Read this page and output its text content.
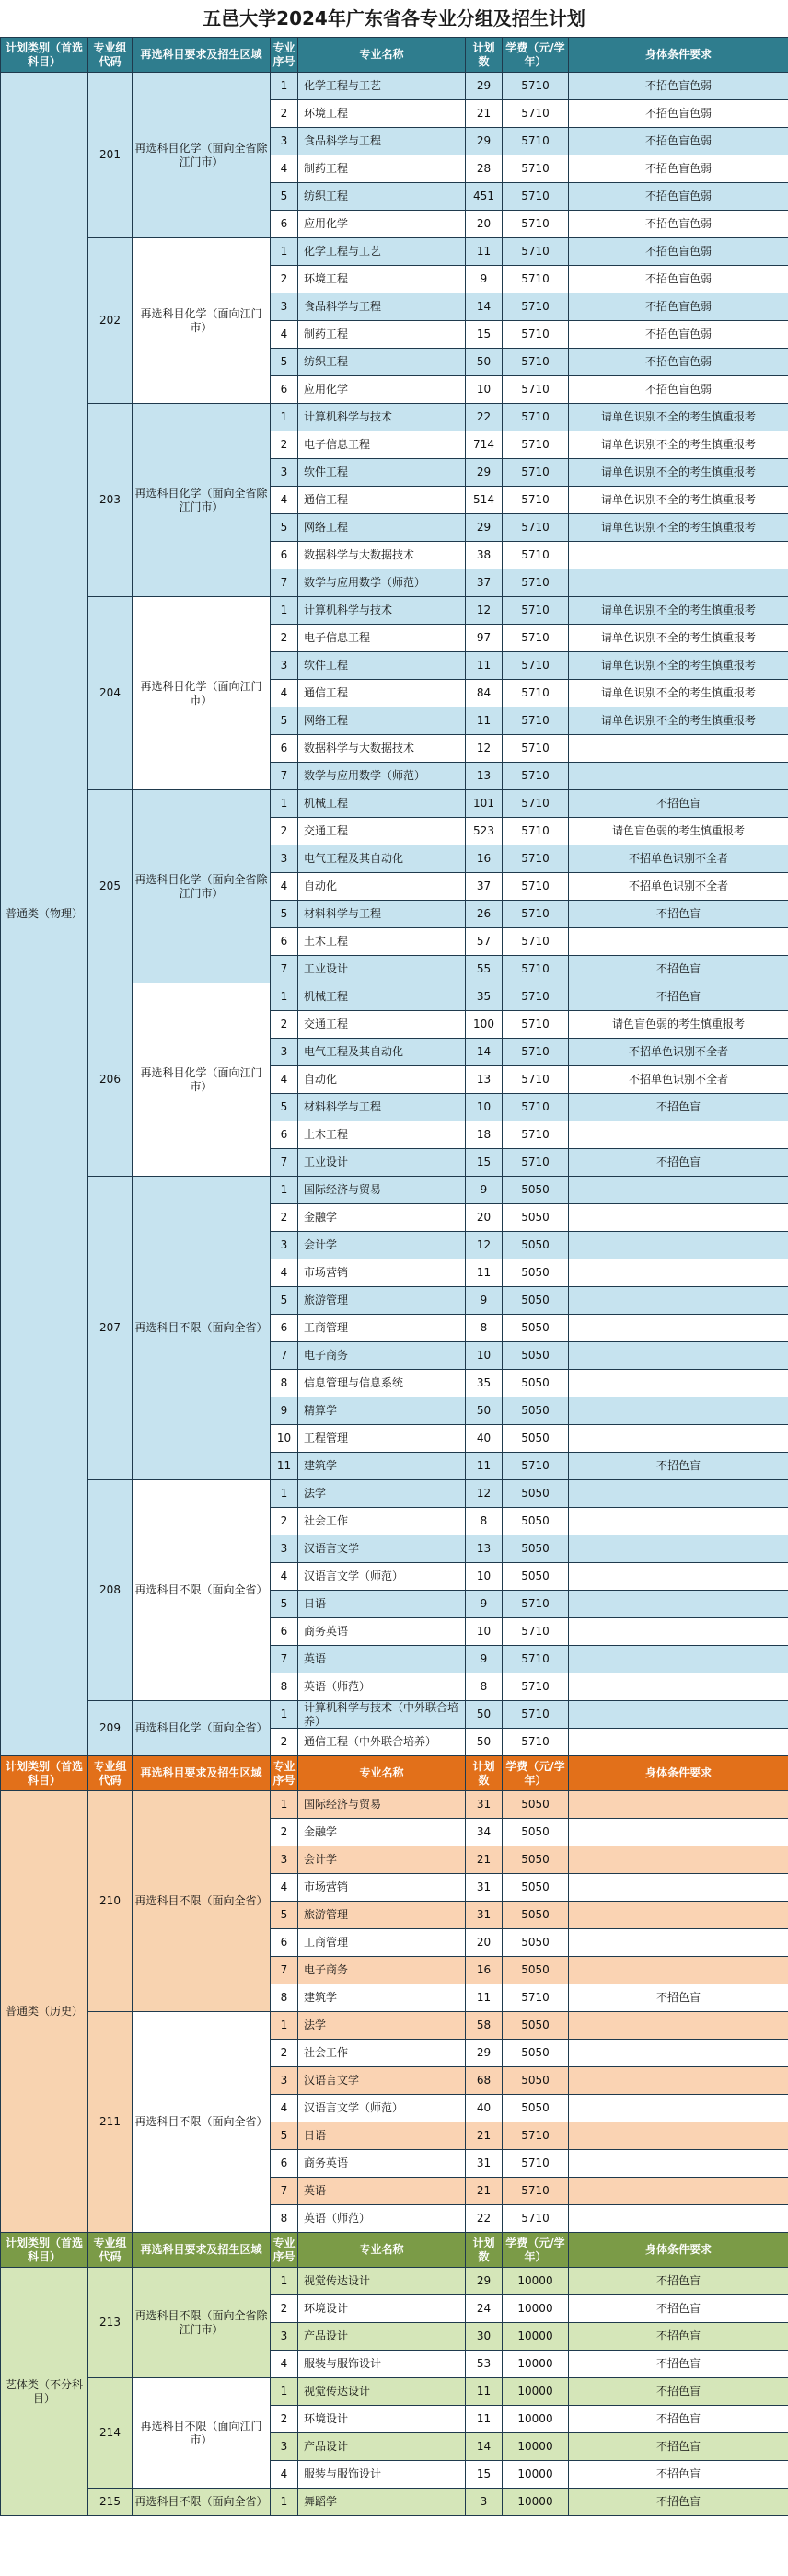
五邑大学2024年广东省各专业分组及招生计划
计划类别（首选科目）	专业组代码	再选科目要求及招生区域	专业序号	专业名称	计划数	学费（元/学年）	身体条件要求
普通类（物理）	201	再选科目化学（面向全省除江门市）	1	化学工程与工艺	29	5710	不招色盲色弱
			2	环境工程	21	5710	不招色盲色弱
			3	食品科学与工程	29	5710	不招色盲色弱
			4	制药工程	28	5710	不招色盲色弱
			5	纺织工程	451	5710	不招色盲色弱
			6	应用化学	20	5710	不招色盲色弱
	202	再选科目化学（面向江门市）	1	化学工程与工艺	11	5710	不招色盲色弱
			2	环境工程	9	5710	不招色盲色弱
			3	食品科学与工程	14	5710	不招色盲色弱
			4	制药工程	15	5710	不招色盲色弱
			5	纺织工程	50	5710	不招色盲色弱
			6	应用化学	10	5710	不招色盲色弱
	203	再选科目化学（面向全省除江门市）	1	计算机科学与技术	22	5710	请单色识别不全的考生慎重报考
			2	电子信息工程	714	5710	请单色识别不全的考生慎重报考
			3	软件工程	29	5710	请单色识别不全的考生慎重报考
			4	通信工程	514	5710	请单色识别不全的考生慎重报考
			5	网络工程	29	5710	请单色识别不全的考生慎重报考
			6	数据科学与大数据技术	38	5710	
			7	数学与应用数学（师范）	37	5710	
	204	再选科目化学（面向江门市）	1	计算机科学与技术	12	5710	请单色识别不全的考生慎重报考
			2	电子信息工程	97	5710	请单色识别不全的考生慎重报考
			3	软件工程	11	5710	请单色识别不全的考生慎重报考
			4	通信工程	84	5710	请单色识别不全的考生慎重报考
			5	网络工程	11	5710	请单色识别不全的考生慎重报考
			6	数据科学与大数据技术	12	5710	
			7	数学与应用数学（师范）	13	5710	
	205	再选科目化学（面向全省除江门市）	1	机械工程	101	5710	不招色盲
			2	交通工程	523	5710	请色盲色弱的考生慎重报考
			3	电气工程及其自动化	16	5710	不招单色识别不全者
			4	自动化	37	5710	不招单色识别不全者
			5	材料科学与工程	26	5710	不招色盲
			6	土木工程	57	5710	
			7	工业设计	55	5710	不招色盲
	206	再选科目化学（面向江门市）	1	机械工程	35	5710	不招色盲
			2	交通工程	100	5710	请色盲色弱的考生慎重报考
			3	电气工程及其自动化	14	5710	不招单色识别不全者
			4	自动化	13	5710	不招单色识别不全者
			5	材料科学与工程	10	5710	不招色盲
			6	土木工程	18	5710	
			7	工业设计	15	5710	不招色盲
	207	再选科目不限（面向全省）	1	国际经济与贸易	9	5050	
			2	金融学	20	5050	
			3	会计学	12	5050	
			4	市场营销	11	5050	
			5	旅游管理	9	5050	
			6	工商管理	8	5050	
			7	电子商务	10	5050	
			8	信息管理与信息系统	35	5050	
			9	精算学	50	5050	
			10	工程管理	40	5050	
			11	建筑学	11	5710	不招色盲
	208	再选科目不限（面向全省）	1	法学	12	5050	
			2	社会工作	8	5050	
			3	汉语言文学	13	5050	
			4	汉语言文学（师范）	10	5050	
			5	日语	9	5710	
			6	商务英语	10	5710	
			7	英语	9	5710	
			8	英语（师范）	8	5710	
	209	再选科目化学（面向全省）	1	计算机科学与技术（中外联合培养）	50	5710	
			2	通信工程（中外联合培养）	50	5710	
计划类别（首选科目）	专业组代码	再选科目要求及招生区域	专业序号	专业名称	计划数	学费（元/学年）	身体条件要求
普通类（历史）	210	再选科目不限（面向全省）	1	国际经济与贸易	31	5050	
			2	金融学	34	5050	
			3	会计学	21	5050	
			4	市场营销	31	5050	
			5	旅游管理	31	5050	
			6	工商管理	20	5050	
			7	电子商务	16	5050	
			8	建筑学	11	5710	不招色盲
	211	再选科目不限（面向全省）	1	法学	58	5050	
			2	社会工作	29	5050	
			3	汉语言文学	68	5050	
			4	汉语言文学（师范）	40	5050	
			5	日语	21	5710	
			6	商务英语	31	5710	
			7	英语	21	5710	
			8	英语（师范）	22	5710	
计划类别（首选科目）	专业组代码	再选科目要求及招生区域	专业序号	专业名称	计划数	学费（元/学年）	身体条件要求
艺体类（不分科目）	213	再选科目不限（面向全省除江门市）	1	视觉传达设计	29	10000	不招色盲
			2	环境设计	24	10000	不招色盲
			3	产品设计	30	10000	不招色盲
			4	服装与服饰设计	53	10000	不招色盲
	214	再选科目不限（面向江门市）	1	视觉传达设计	11	10000	不招色盲
			2	环境设计	11	10000	不招色盲
			3	产品设计	14	10000	不招色盲
			4	服装与服饰设计	15	10000	不招色盲
	215	再选科目不限（面向全省）	1	舞蹈学	3	10000	不招色盲
